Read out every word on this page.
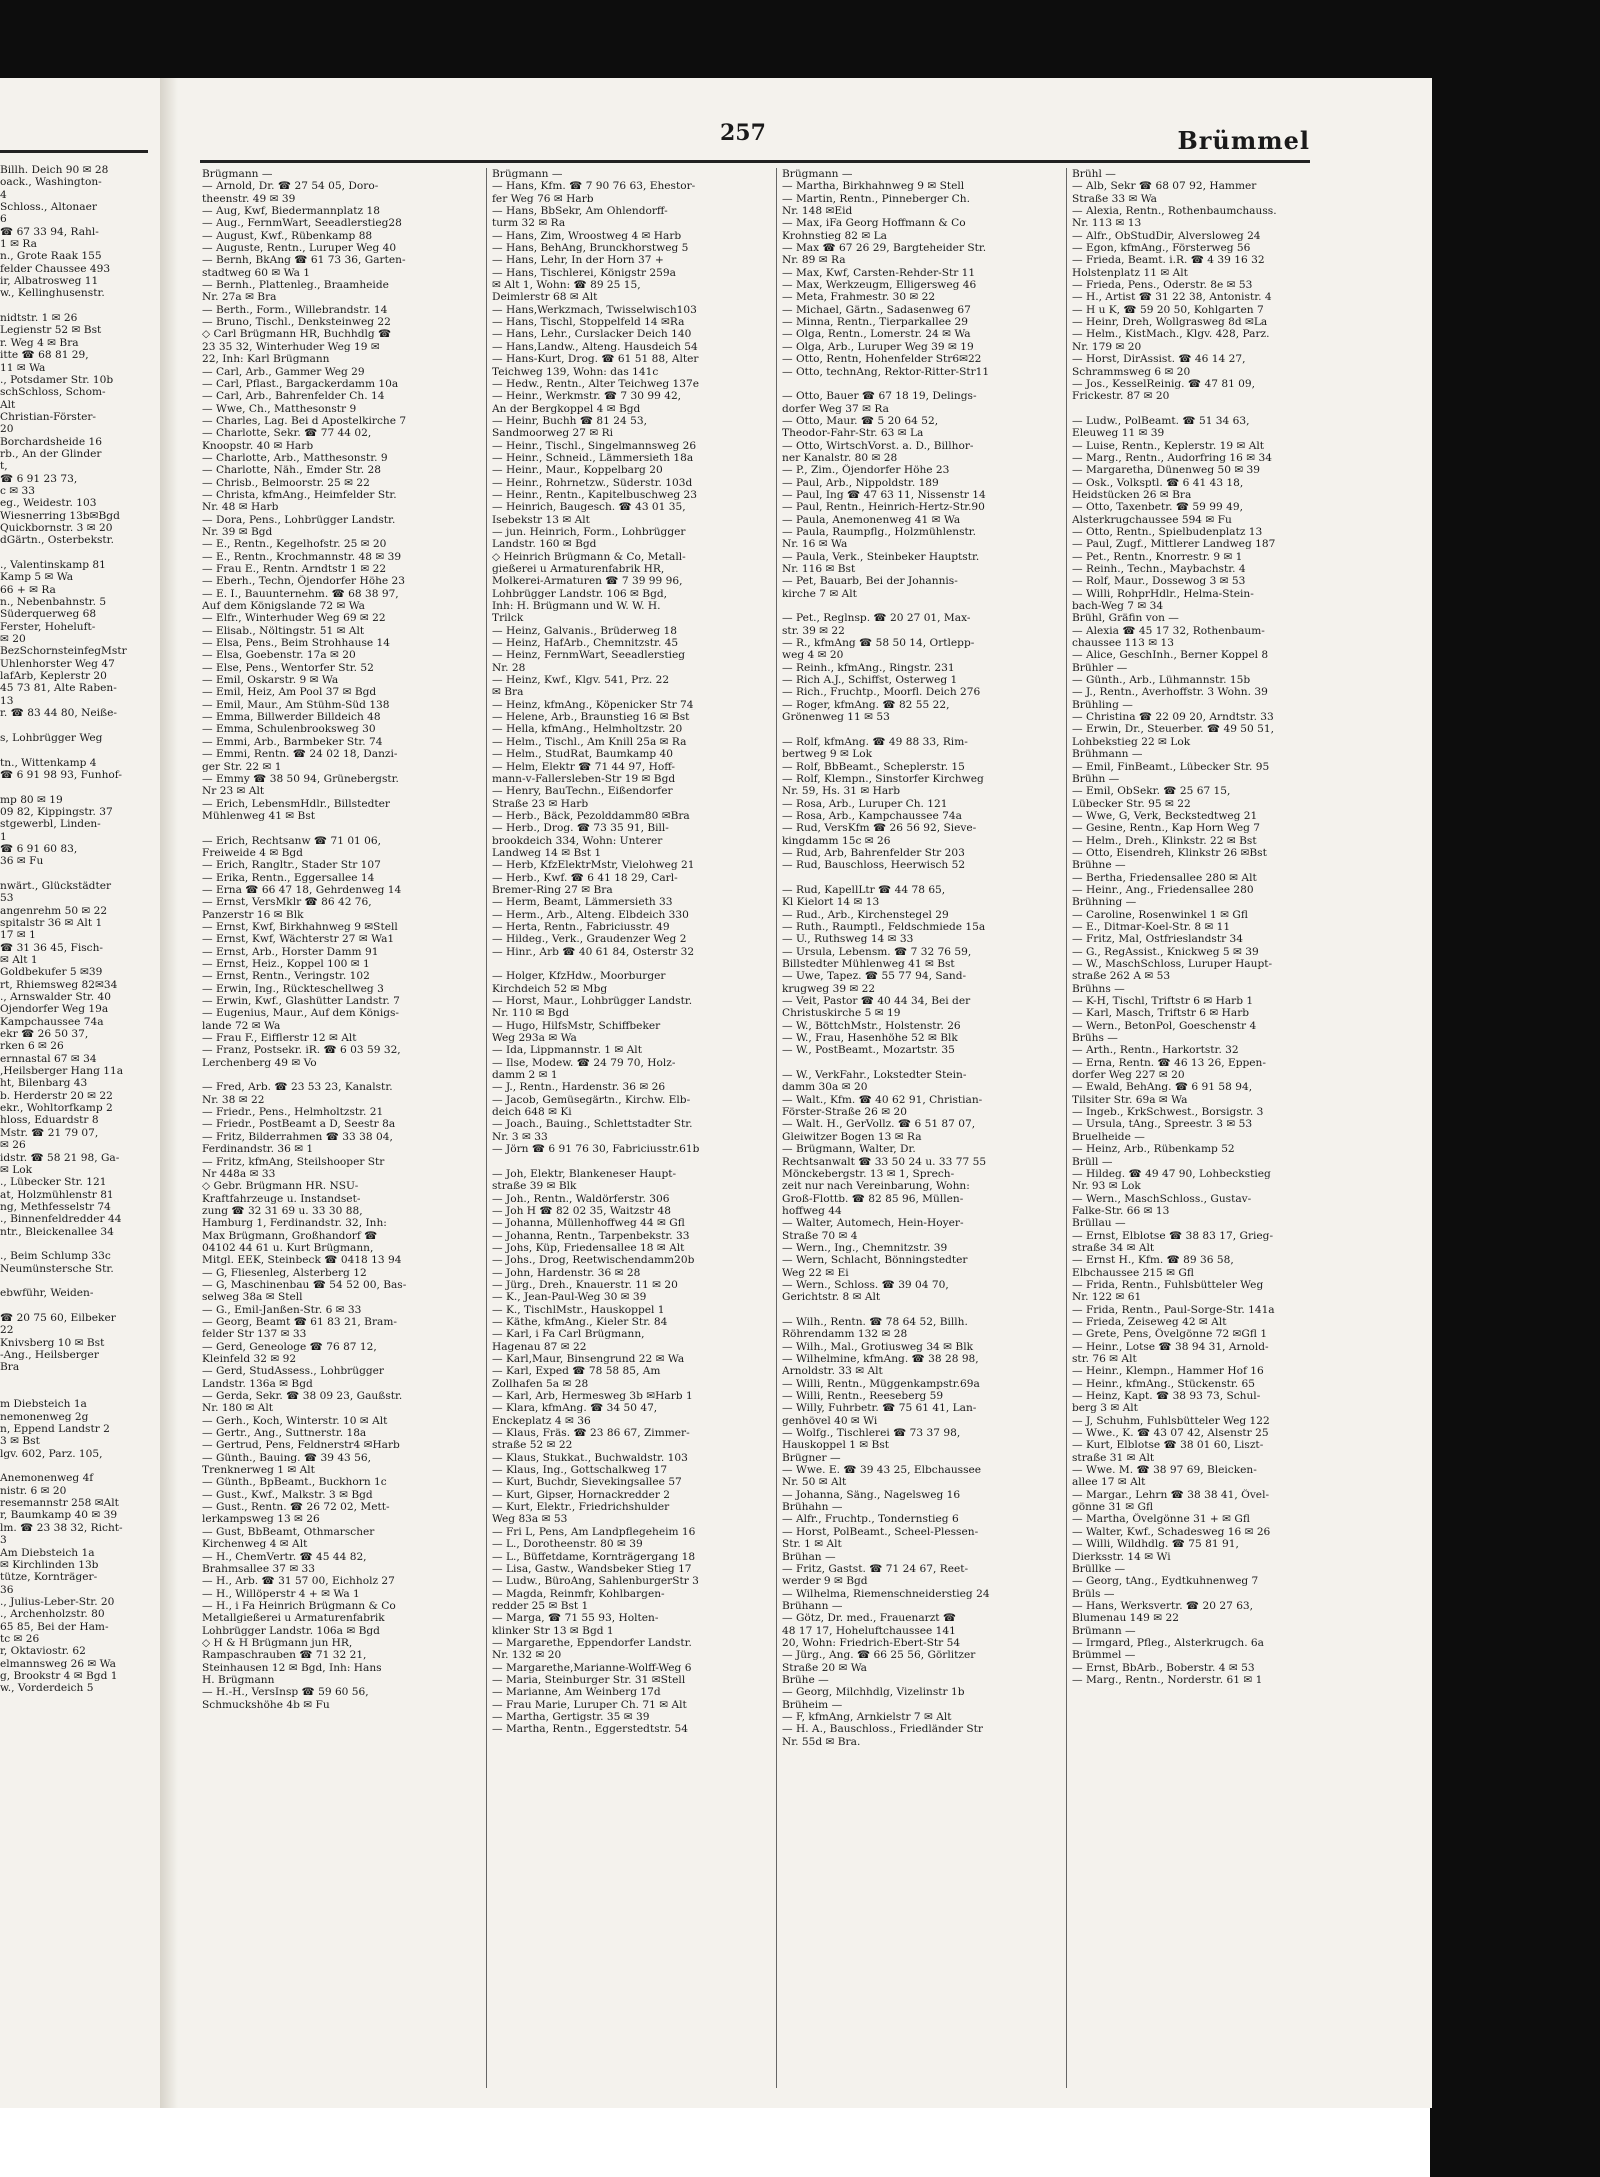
257	Brümmel
Billh. Deich 90 ✉ 28
oack., Washington-
4
Schloss., Altonaer
6
☎ 67 33 94, Rahl-
1 ✉ Ra
n., Grote Raak 155
felder Chaussee 493
ir, Albatrosweg 11
w., Kellinghusenstr.
nidtstr. 1 ✉ 26
Legienstr 52 ✉ Bst
r. Weg 4 ✉ Bra
itte ☎ 68 81 29,
11 ✉ Wa
., Potsdamer Str. 10b
schSchloss, Schom-
Alt
Christian-Förster-
20
Borchardsheide 16
rb., An der Glinder
t,
☎ 6 91 23 73,
c ✉ 33
eg., Weidestr. 103
Wiesnerring 13b✉Bgd
Quickbornstr. 3 ✉ 20
dGärtn., Osterbekstr.
., Valentinskamp 81
Kamp 5 ✉ Wa
66 + ✉ Ra
n., Nebenbahnstr. 5
Süderquerweg 68
Ferster, Hoheluft-
✉ 20
BezSchornsteinfegMstr
Uhlenhorster Weg 47
lafArb, Keplerstr 20
45 73 81, Alte Raben-
13
r. ☎ 83 44 80, Neiße-
s, Lohbrügger Weg
tn., Wittenkamp 4
☎ 6 91 98 93, Funhof-
mp 80 ✉ 19
09 82, Kippingstr. 37
stgewerbl, Linden-
1
☎ 6 91 60 83,
36 ✉ Fu
nwärt., Glückstädter
53
angenrehm 50 ✉ 22
spitalstr 36 ✉ Alt 1
17 ✉ 1
☎ 31 36 45, Fisch-
✉ Alt 1
Goldbekufer 5 ✉39
rt, Rhiemsweg 82✉34
., Arnswalder Str. 40
Ojendorfer Weg 19a
Kampchaussee 74a
ekr ☎ 26 50 37,
rken 6 ✉ 26
ernnastal 67 ✉ 34
,Heilsberger Hang 11a
ht, Bilenbarg 43
b. Herderstr 20 ✉ 22
ekr., Wohltorfkamp 2
hloss, Eduardstr 8
Mstr. ☎ 21 79 07,
✉ 26
idstr. ☎ 58 21 98, Ga-
✉ Lok
., Lübecker Str. 121
at, Holzmühlenstr 81
ng, Methfesselstr 74
., Binnenfeldredder 44
ntr., Bleickenallee 34
., Beim Schlump 33c
Neumünstersche Str.
ebwführ, Weiden-
☎ 20 75 60, Eilbeker
22
Knivsberg 10 ✉ Bst
-Ang., Heilsberger
Bra
m Diebsteich 1a
nemonenweg 2g
n, Eppend Landstr 2
3 ✉ Bst
lgv. 602, Parz. 105,
Anemonenweg 4f
nistr. 6 ✉ 20
resemannstr 258 ✉Alt
r, Baumkamp 40 ✉ 39
lm. ☎ 23 38 32, Richt-
3
Am Diebsteich 1a
✉ Kirchlinden 13b
tütze, Kornträger-
36
., Julius-Leber-Str. 20
., Archenholzstr. 80
65 85, Bei der Ham-
tc ✉ 26
r, Oktaviostr. 62
elmannsweg 26 ✉ Wa
g, Brookstr 4 ✉ Bgd 1
w., Vorderdeich 5
Brügmann —
— Arnold, Dr. ☎ 27 54 05, Doro-
theenstr. 49 ✉ 39
— Aug, Kwf, Biedermannplatz 18
— Aug., FernmWart, Seeadlerstieg28
— August, Kwf., Rübenkamp 88
— Auguste, Rentn., Luruper Weg 40
— Bernh, BkAng ☎ 61 73 36, Garten-
stadtweg 60 ✉ Wa 1
— Bernh., Plattenleg., Braamheide
Nr. 27a ✉ Bra
— Berth., Form., Willebrandstr. 14
— Bruno, Tischl., Denksteinweg 22
◇ Carl Brügmann HR, Buchhdlg ☎
23 35 32, Winterhuder Weg 19 ✉
22, Inh: Karl Brügmann
— Carl, Arb., Gammer Weg 29
— Carl, Pflast., Bargackerdamm 10a
— Carl, Arb., Bahrenfelder Ch. 14
— Wwe, Ch., Matthesonstr 9
— Charles, Lag. Bei d Apostelkirche 7
— Charlotte, Sekr. ☎ 77 44 02,
Knoopstr. 40 ✉ Harb
— Charlotte, Arb., Matthesonstr. 9
— Charlotte, Näh., Emder Str. 28
— Chrisb., Belmoorstr. 25 ✉ 22
— Christa, kfmAng., Heimfelder Str.
Nr. 48 ✉ Harb
— Dora, Pens., Lohbrügger Landstr.
Nr. 39 ✉ Bgd
— E., Rentn., Kegelhofstr. 25 ✉ 20
— E., Rentn., Krochmannstr. 48 ✉ 39
— Frau E., Rentn. Arndtstr 1 ✉ 22
— Eberh., Techn, Öjendorfer Höhe 23
— E. I., Bauunternehm. ☎ 68 38 97,
Auf dem Königslande 72 ✉ Wa
— Elfr., Winterhuder Weg 69 ✉ 22
— Elisab., Nöltingstr. 51 ✉ Alt
— Elsa, Pens., Beim Strohhause 14
— Elsa, Goebenstr. 17a ✉ 20
— Else, Pens., Wentorfer Str. 52
— Emil, Oskarstr. 9 ✉ Wa
— Emil, Heiz, Am Pool 37 ✉ Bgd
— Emil, Maur., Am Stühm-Süd 138
— Emma, Billwerder Billdeich 48
— Emma, Schulenbrooksweg 30
— Emmi, Arb., Barmbeker Str. 74
— Emmi, Rentn. ☎ 24 02 18, Danzi-
ger Str. 22 ✉ 1
— Emmy ☎ 38 50 94, Grünebergstr.
Nr 23 ✉ Alt
— Erich, LebensmHdlr., Billstedter
Mühlenweg 41 ✉ Bst
— Erich, Rechtsanw ☎ 71 01 06,
Freiweide 4 ✉ Bgd
— Erich, Rangltr., Stader Str 107
— Erika, Rentn., Eggersallee 14
— Erna ☎ 66 47 18, Gehrdenweg 14
— Ernst, VersMklr ☎ 86 42 76,
Panzerstr 16 ✉ Blk
— Ernst, Kwf, Birkhahnweg 9 ✉Stell
— Ernst, Kwf, Wächterstr 27 ✉ Wa1
— Ernst, Arb., Horster Damm 91
— Ernst, Heiz., Koppel 100 ✉ 1
— Ernst, Rentn., Veringstr. 102
— Erwin, Ing., Rückteschellweg 3
— Erwin, Kwf., Glashütter Landstr. 7
— Eugenius, Maur., Auf dem Königs-
lande 72 ✉ Wa
— Frau F., Eifflerstr 12 ✉ Alt
— Franz, Postsekr. iR. ☎ 6 03 59 32,
Lerchenberg 49 ✉ Vo
— Fred, Arb. ☎ 23 53 23, Kanalstr.
Nr. 38 ✉ 22
— Friedr., Pens., Helmholtzstr. 21
— Friedr., PostBeamt a D, Seestr 8a
— Fritz, Bilderrahmen ☎ 33 38 04,
Ferdinandstr. 36 ✉ 1
— Fritz, kfmAng, Steilshooper Str
Nr 448a ✉ 33
◇ Gebr. Brügmann HR. NSU-
Kraftfahrzeuge u. Instandset-
zung ☎ 32 31 69 u. 33 30 88,
Hamburg 1, Ferdinandstr. 32, Inh:
Max Brügmann, Großhandorf ☎
04102 44 61 u. Kurt Brügmann,
Mitgl. EEK, Steinbeck ☎ 0418 13 94
— G, Fliesenleg, Alsterberg 12
— G, Maschinenbau ☎ 54 52 00, Bas-
selweg 38a ✉ Stell
— G., Emil-Janßen-Str. 6 ✉ 33
— Georg, Beamt ☎ 61 83 21, Bram-
felder Str 137 ✉ 33
— Gerd, Geneologe ☎ 76 87 12,
Kleinfeld 32 ✉ 92
— Gerd, StudAssess., Lohbrügger
Landstr. 136a ✉ Bgd
— Gerda, Sekr. ☎ 38 09 23, Gaußstr.
Nr. 180 ✉ Alt
— Gerh., Koch, Winterstr. 10 ✉ Alt
— Gertr., Ang., Suttnerstr. 18a
— Gertrud, Pens, Feldnerstr4 ✉Harb
— Günth., Bauing. ☎ 39 43 56,
Trenknerweg 1 ✉ Alt
— Günth., BpBeamt., Buckhorn 1c
— Gust., Kwf., Malkstr. 3 ✉ Bgd
— Gust., Rentn. ☎ 26 72 02, Mett-
lerkampsweg 13 ✉ 26
— Gust, BbBeamt, Othmarscher
Kirchenweg 4 ✉ Alt
— H., ChemVertr. ☎ 45 44 82,
Brahmsallee 37 ✉ 33
— H., Arb. ☎ 31 57 00, Eichholz 27
— H., Willöperstr 4 + ✉ Wa 1
— H., i Fa Heinrich Brügmann & Co
Metallgießerei u Armaturenfabrik
Lohbrügger Landstr. 106a ✉ Bgd
◇ H & H Brügmann jun HR,
Rampaschrauben ☎ 71 32 21,
Steinhausen 12 ✉ Bgd, Inh: Hans
H. Brügmann
— H.-H., VersInsp ☎ 59 60 56,
Schmuckshöhe 4b ✉ Fu
Brügmann —
— Hans, Kfm. ☎ 7 90 76 63, Ehestor-
fer Weg 76 ✉ Harb
— Hans, BbSekr, Am Ohlendorff-
turm 32 ✉ Ra
— Hans, Zim, Wroostweg 4 ✉ Harb
— Hans, BehAng, Brunckhorstweg 5
— Hans, Lehr, In der Horn 37 +
— Hans, Tischlerei, Königstr 259a
✉ Alt 1, Wohn: ☎ 89 25 15,
Deimlerstr 68 ✉ Alt
— Hans,Werkzmach, Twisselwisch103
— Hans, Tischl, Stoppelfeld 14 ✉Ra
— Hans, Lehr., Curslacker Deich 140
— Hans,Landw., Alteng. Hausdeich 54
— Hans-Kurt, Drog. ☎ 61 51 88, Alter
Teichweg 139, Wohn: das 141c
— Hedw., Rentn., Alter Teichweg 137e
— Heinr., Werkmstr. ☎ 7 30 99 42,
An der Bergkoppel 4 ✉ Bgd
— Heinr, Buchh ☎ 81 24 53,
Sandmoorweg 27 ✉ Ri
— Heinr., Tischl., Singelmannsweg 26
— Heinr., Schneid., Lämmersieth 18a
— Heinr., Maur., Koppelbarg 20
— Heinr., Rohrnetzw., Süderstr. 103d
— Heinr., Rentn., Kapitelbuschweg 23
— Heinrich, Baugesch. ☎ 43 01 35,
Isebekstr 13 ✉ Alt
— jun. Heinrich, Form., Lohbrügger
Landstr. 160 ✉ Bgd
◇ Heinrich Brügmann & Co, Metall-
gießerei u Armaturenfabrik HR,
Molkerei-Armaturen ☎ 7 39 99 96,
Lohbrügger Landstr. 106 ✉ Bgd,
Inh: H. Brügmann und W. W. H.
Trilck
— Heinz, Galvanis., Brüderweg 18
— Heinz, HafArb., Chemnitzstr. 45
— Heinz, FernmWart, Seeadlerstieg
Nr. 28
— Heinz, Kwf., Klgv. 541, Prz. 22
✉ Bra
— Heinz, kfmAng., Köpenicker Str 74
— Helene, Arb., Braunstieg 16 ✉ Bst
— Hella, kfmAng., Helmholtzstr. 20
— Helm., Tischl., Am Knill 25a ✉ Ra
— Helm., StudRat, Baumkamp 40
— Helm, Elektr ☎ 71 44 97, Hoff-
mann-v-Fallersleben-Str 19 ✉ Bgd
— Henry, BauTechn., Eißendorfer
Straße 23 ✉ Harb
— Herb., Bäck, Pezolddamm80 ✉Bra
— Herb., Drog. ☎ 73 35 91, Bill-
brookdeich 334, Wohn: Unterer
Landweg 14 ✉ Bst 1
— Herb, KfzElektrMstr, Vielohweg 21
— Herb., Kwf. ☎ 6 41 18 29, Carl-
Bremer-Ring 27 ✉ Bra
— Herm, Beamt, Lämmersieth 33
— Herm., Arb., Alteng. Elbdeich 330
— Herta, Rentn., Fabriciusstr. 49
— Hildeg., Verk., Graudenzer Weg 2
— Hinr., Arb ☎ 40 61 84, Osterstr 32
— Holger, KfzHdw., Moorburger
Kirchdeich 52 ✉ Mbg
— Horst, Maur., Lohbrügger Landstr.
Nr. 110 ✉ Bgd
— Hugo, HilfsMstr, Schiffbeker
Weg 293a ✉ Wa
— Ida, Lippmannstr. 1 ✉ Alt
— Ilse, Modew. ☎ 24 79 70, Holz-
damm 2 ✉ 1
— J., Rentn., Hardenstr. 36 ✉ 26
— Jacob, Gemüsegärtn., Kirchw. Elb-
deich 648 ✉ Ki
— Joach., Bauing., Schlettstadter Str.
Nr. 3 ✉ 33
— Jörn ☎ 6 91 76 30, Fabriciusstr.61b
— Joh, Elektr, Blankeneser Haupt-
straße 39 ✉ Blk
— Joh., Rentn., Waldörferstr. 306
— Joh H ☎ 82 02 35, Waitzstr 48
— Johanna, Müllenhoffweg 44 ✉ Gfl
— Johanna, Rentn., Tarpenbekstr. 33
— Johs, Küp, Friedensallee 18 ✉ Alt
— Johs., Drog, Reetwischendamm20b
— John, Hardenstr. 36 ✉ 28
— Jürg., Dreh., Knauerstr. 11 ✉ 20
— K., Jean-Paul-Weg 30 ✉ 39
— K., TischlMstr., Hauskoppel 1
— Käthe, kfmAng., Kieler Str. 84
— Karl, i Fa Carl Brügmann,
Hagenau 87 ✉ 22
— Karl,Maur, Binsengrund 22 ✉ Wa
— Karl, Exped ☎ 78 58 85, Am
Zollhafen 5a ✉ 28
— Karl, Arb, Hermesweg 3b ✉Harb 1
— Klara, kfmAng. ☎ 34 50 47,
Enckeplatz 4 ✉ 36
— Klaus, Fräs. ☎ 23 86 67, Zimmer-
straße 52 ✉ 22
— Klaus, Stukkat., Buchwaldstr. 103
— Klaus, Ing., Gottschalkweg 17
— Kurt, Buchdr, Sievekingsallee 57
— Kurt, Gipser, Hornackredder 2
— Kurt, Elektr., Friedrichshulder
Weg 83a ✉ 53
— Fri L, Pens, Am Landpflegeheim 16
— L., Dorotheenstr. 80 ✉ 39
— L., Büffetdame, Kornträgergang 18
— Lisa, Gastw., Wandsbeker Stieg 17
— Ludw., BüroAng, SahlenburgerStr 3
— Magda, Reinmfr, Kohlbargen-
redder 25 ✉ Bst 1
— Marga, ☎ 71 55 93, Holten-
klinker Str 13 ✉ Bgd 1
— Margarethe, Eppendorfer Landstr.
Nr. 132 ✉ 20
— Margarethe,Marianne-Wolff-Weg 6
— Maria, Steinburger Str. 31 ✉Stell
— Marianne, Am Weinberg 17d
— Frau Marie, Luruper Ch. 71 ✉ Alt
— Martha, Gertigstr. 35 ✉ 39
— Martha, Rentn., Eggerstedtstr. 54
Brügmann —
— Martha, Birkhahnweg 9 ✉ Stell
— Martin, Rentn., Pinneberger Ch.
Nr. 148 ✉Eid
— Max, iFa Georg Hoffmann & Co
Krohnstieg 82 ✉ La
— Max ☎ 67 26 29, Bargteheider Str.
Nr. 89 ✉ Ra
— Max, Kwf, Carsten-Rehder-Str 11
— Max, Werkzeugm, Elligersweg 46
— Meta, Frahmestr. 30 ✉ 22
— Michael, Gärtn., Sadasenweg 67
— Minna, Rentn., Tierparkallee 29
— Olga, Rentn., Lomerstr. 24 ✉ Wa
— Olga, Arb., Luruper Weg 39 ✉ 19
— Otto, Rentn, Hohenfelder Str6✉22
— Otto, technAng, Rektor-Ritter-Str11
— Otto, Bauer ☎ 67 18 19, Delings-
dorfer Weg 37 ✉ Ra
— Otto, Maur. ☎ 5 20 64 52,
Theodor-Fahr-Str. 63 ✉ La
— Otto, WirtschVorst. a. D., Billhor-
ner Kanalstr. 80 ✉ 28
— P., Zim., Öjendorfer Höhe 23
— Paul, Arb., Nippoldstr. 189
— Paul, Ing ☎ 47 63 11, Nissenstr 14
— Paul, Rentn., Heinrich-Hertz-Str.90
— Paula, Anemonenweg 41 ✉ Wa
— Paula, Raumpflg., Holzmühlenstr.
Nr. 16 ✉ Wa
— Paula, Verk., Steinbeker Hauptstr.
Nr. 116 ✉ Bst
— Pet, Bauarb, Bei der Johannis-
kirche 7 ✉ Alt
— Pet., Reglnsp. ☎ 20 27 01, Max-
str. 39 ✉ 22
— R., kfmAng ☎ 58 50 14, Ortlepp-
weg 4 ✉ 20
— Reinh., kfmAng., Ringstr. 231
— Rich A.J., Schiffst, Osterweg 1
— Rich., Fruchtp., Moorfl. Deich 276
— Roger, kfmAng. ☎ 82 55 22,
Grönenweg 11 ✉ 53
— Rolf, kfmAng. ☎ 49 88 33, Rim-
bertweg 9 ✉ Lok
— Rolf, BbBeamt., Scheplerstr. 15
— Rolf, Klempn., Sinstorfer Kirchweg
Nr. 59, Hs. 31 ✉ Harb
— Rosa, Arb., Luruper Ch. 121
— Rosa, Arb., Kampchaussee 74a
— Rud, VersKfm ☎ 26 56 92, Sieve-
kingdamm 15c ✉ 26
— Rud, Arb, Bahrenfelder Str 203
— Rud, Bauschloss, Heerwisch 52
— Rud, KapellLtr ☎ 44 78 65,
Kl Kielort 14 ✉ 13
— Rud., Arb., Kirchenstegel 29
— Ruth., Raumptl., Feldschmiede 15a
— U., Ruthsweg 14 ✉ 33
— Ursula, Lebensm. ☎ 7 32 76 59,
Billstedter Mühlenweg 41 ✉ Bst
— Uwe, Tapez. ☎ 55 77 94, Sand-
krugweg 39 ✉ 22
— Veit, Pastor ☎ 40 44 34, Bei der
Christuskirche 5 ✉ 19
— W., BöttchMstr., Holstenstr. 26
— W., Frau, Hasenhöhe 52 ✉ Blk
— W., PostBeamt., Mozartstr. 35
— W., VerkFahr., Lokstedter Stein-
damm 30a ✉ 20
— Walt., Kfm. ☎ 40 62 91, Christian-
Förster-Straße 26 ✉ 20
— Walt. H., GerVollz. ☎ 6 51 87 07,
Gleiwitzer Bogen 13 ✉ Ra
— Brügmann, Walter, Dr.
Rechtsanwalt ☎ 33 50 24 u. 33 77 55
Mönckebergstr. 13 ✉ 1, Sprech-
zeit nur nach Vereinbarung, Wohn:
Groß-Flottb. ☎ 82 85 96, Müllen-
hoffweg 44
— Walter, Automech, Hein-Hoyer-
Straße 70 ✉ 4
— Wern., Ing., Chemnitzstr. 39
— Wern, Schlacht, Bönningstedter
Weg 22 ✉ Ei
— Wern., Schloss. ☎ 39 04 70,
Gerichtstr. 8 ✉ Alt
— Wilh., Rentn. ☎ 78 64 52, Billh.
Röhrendamm 132 ✉ 28
— Wilh., Mal., Grotiusweg 34 ✉ Blk
— Wilhelmine, kfmAng. ☎ 38 28 98,
Arnoldstr. 33 ✉ Alt
— Willi, Rentn., Müggenkampstr.69a
— Willi, Rentn., Reeseberg 59
— Willy, Fuhrbetr. ☎ 75 61 41, Lan-
genhövel 40 ✉ Wi
— Wolfg., Tischlerei ☎ 73 37 98,
Hauskoppel 1 ✉ Bst
Brügner —
— Wwe. E. ☎ 39 43 25, Elbchaussee
Nr. 50 ✉ Alt
— Johanna, Säng., Nagelsweg 16
Brühahn —
— Alfr., Fruchtp., Tondernstieg 6
— Horst, PolBeamt., Scheel-Plessen-
Str. 1 ✉ Alt
Brühan —
— Fritz, Gastst. ☎ 71 24 67, Reet-
werder 9 ✉ Bgd
— Wilhelma, Riemenschneiderstieg 24
Brühann —
— Götz, Dr. med., Frauenarzt ☎
48 17 17, Hoheluftchaussee 141
20, Wohn: Friedrich-Ebert-Str 54
— Jürg., Ang. ☎ 66 25 56, Görlitzer
Straße 20 ✉ Wa
Brühe —
— Georg, Milchhdlg, Vizelinstr 1b
Brüheim —
— F, kfmAng, Arnkielstr 7 ✉ Alt
— H. A., Bauschloss., Friedländer Str
Nr. 55d ✉ Bra.
Brühl —
— Alb, Sekr ☎ 68 07 92, Hammer
Straße 33 ✉ Wa
— Alexia, Rentn., Rothenbaumchauss.
Nr. 113 ✉ 13
— Alfr., ObStudDir, Alversloweg 24
— Egon, kfmAng., Försterweg 56
— Frieda, Beamt. i.R. ☎ 4 39 16 32
Holstenplatz 11 ✉ Alt
— Frieda, Pens., Oderstr. 8e ✉ 53
— H., Artist ☎ 31 22 38, Antonistr. 4
— H u K, ☎ 59 20 50, Kohlgarten 7
— Heinr, Dreh, Wollgrasweg 8d ✉La
— Helm., KistMach., Klgv. 428, Parz.
Nr. 179 ✉ 20
— Horst, DirAssist. ☎ 46 14 27,
Schrammsweg 6 ✉ 20
— Jos., KesselReinig. ☎ 47 81 09,
Frickestr. 87 ✉ 20
— Ludw., PolBeamt. ☎ 51 34 63,
Eleuweg 11 ✉ 39
— Luise, Rentn., Keplerstr. 19 ✉ Alt
— Marg., Rentn., Audorfring 16 ✉ 34
— Margaretha, Dünenweg 50 ✉ 39
— Osk., Volksptl. ☎ 6 41 43 18,
Heidstücken 26 ✉ Bra
— Otto, Taxenbetr. ☎ 59 99 49,
Alsterkrugchaussee 594 ✉ Fu
— Otto, Rentn., Spielbudenplatz 13
— Paul, Zugf., Mittlerer Landweg 187
— Pet., Rentn., Knorrestr. 9 ✉ 1
— Reinh., Techn., Maybachstr. 4
— Rolf, Maur., Dossewog 3 ✉ 53
— Willi, RohprHdlr., Helma-Stein-
bach-Weg 7 ✉ 34
Brühl, Gräfin von —
— Alexia ☎ 45 17 32, Rothenbaum-
chaussee 113 ✉ 13
— Alice, GeschInh., Berner Koppel 8
Brühler —
— Günth., Arb., Lühmannstr. 15b
— J., Rentn., Averhoffstr. 3 Wohn. 39
Brühling —
— Christina ☎ 22 09 20, Arndtstr. 33
— Erwin, Dr., Steuerber. ☎ 49 50 51,
Lohbekstieg 22 ✉ Lok
Brühmann —
— Emil, FinBeamt., Lübecker Str. 95
Brühn —
— Emil, ObSekr. ☎ 25 67 15,
Lübecker Str. 95 ✉ 22
— Wwe, G, Verk, Beckstedtweg 21
— Gesine, Rentn., Kap Horn Weg 7
— Helm., Dreh., Klinkstr. 22 ✉ Bst
— Otto, Eisendreh, Klinkstr 26 ✉Bst
Brühne —
— Bertha, Friedensallee 280 ✉ Alt
— Heinr., Ang., Friedensallee 280
Brühning —
— Caroline, Rosenwinkel 1 ✉ Gfl
— E., Ditmar-Koel-Str. 8 ✉ 11
— Fritz, Mal, Ostfrieslandstr 34
— G., RegAssist., Knickweg 5 ✉ 39
— W., MaschSchloss, Luruper Haupt-
straße 262 A ✉ 53
Brühns —
— K-H, Tischl, Triftstr 6 ✉ Harb 1
— Karl, Masch, Triftstr 6 ✉ Harb
— Wern., BetonPol, Goeschenstr 4
Brühs —
— Arth., Rentn., Harkortstr. 32
— Erna, Rentn. ☎ 46 13 26, Eppen-
dorfer Weg 227 ✉ 20
— Ewald, BehAng. ☎ 6 91 58 94,
Tilsiter Str. 69a ✉ Wa
— Ingeb., KrkSchwest., Borsigstr. 3
— Ursula, tAng., Spreestr. 3 ✉ 53
Bruelheide —
— Heinz, Arb., Rübenkamp 52
Brüll —
— Hildeg. ☎ 49 47 90, Lohbeckstieg
Nr. 93 ✉ Lok
— Wern., MaschSchloss., Gustav-
Falke-Str. 66 ✉ 13
Brüllau —
— Ernst, Elblotse ☎ 38 83 17, Grieg-
straße 34 ✉ Alt
— Ernst H., Kfm. ☎ 89 36 58,
Elbchaussee 215 ✉ Gfl
— Frida, Rentn., Fuhlsbütteler Weg
Nr. 122 ✉ 61
— Frida, Rentn., Paul-Sorge-Str. 141a
— Frieda, Zeiseweg 42 ✉ Alt
— Grete, Pens, Övelgönne 72 ✉Gfl 1
— Heinr., Lotse ☎ 38 94 31, Arnold-
str. 76 ✉ Alt
— Heinr., Klempn., Hammer Hof 16
— Heinr., kfmAng., Stückenstr. 65
— Heinz, Kapt. ☎ 38 93 73, Schul-
berg 3 ✉ Alt
— J, Schuhm, Fuhlsbütteler Weg 122
— Wwe., K. ☎ 43 07 42, Alsenstr 25
— Kurt, Elblotse ☎ 38 01 60, Liszt-
straße 31 ✉ Alt
— Wwe. M. ☎ 38 97 69, Bleicken-
allee 17 ✉ Alt
— Margar., Lehrn ☎ 38 38 41, Övel-
gönne 31 ✉ Gfl
— Martha, Övelgönne 31 + ✉ Gfl
— Walter, Kwf., Schadesweg 16 ✉ 26
— Willi, Wildhdlg. ☎ 75 81 91,
Dierksstr. 14 ✉ Wi
Brüllke —
— Georg, tAng., Eydtkuhnenweg 7
Brüls —
— Hans, Werksvertr. ☎ 20 27 63,
Blumenau 149 ✉ 22
Brümann —
— Irmgard, Pfleg., Alsterkrugch. 6a
Brümmel —
— Ernst, BbArb., Boberstr. 4 ✉ 53
— Marg., Rentn., Norderstr. 61 ✉ 1
